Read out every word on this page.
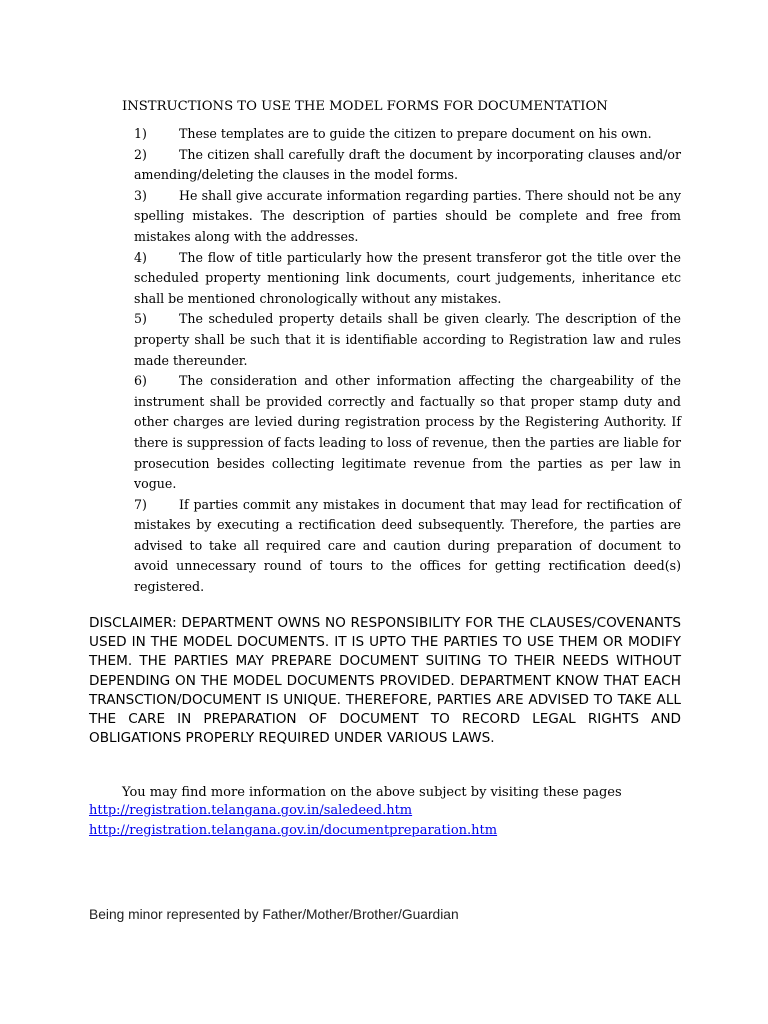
INSTRUCTIONS TO USE THE MODEL FORMS FOR DOCUMENTATION

1)	These templates are to guide the citizen to prepare document on his own.

2)	The citizen shall carefully draft the document by incorporating clauses and/or amending/deleting the clauses in the model forms.

3)	He shall give accurate information regarding parties. There should not be any spelling mistakes. The description of parties should be complete and free from mistakes along with the addresses.

4)	The flow of title particularly how the present transferor got the title over the scheduled property mentioning link documents, court judgements, inheritance etc shall be mentioned chronologically without any mistakes.

5)	The scheduled property details shall be given clearly. The description of the property shall be such that it is identifiable according to Registration law and rules made thereunder.

6)	The consideration and other information affecting the chargeability of the instrument shall be provided correctly and factually so that proper stamp duty and other charges are levied during registration process by the Registering Authority. If there is suppression of facts leading to loss of revenue, then the parties are liable for prosecution besides collecting legitimate revenue from the parties as per law in vogue.

7)	If parties commit any mistakes in document that may lead for rectification of mistakes by executing a rectification deed subsequently. Therefore, the parties are advised to take all required care and caution during preparation of document to avoid unnecessary round of tours to the offices for getting rectification deed(s) registered.

DISCLAIMER: DEPARTMENT OWNS NO RESPONSIBILITY FOR THE CLAUSES/COVENANTS USED IN THE MODEL DOCUMENTS. IT IS UPTO THE PARTIES TO USE THEM OR MODIFY THEM. THE PARTIES MAY PREPARE DOCUMENT SUITING TO THEIR NEEDS WITHOUT DEPENDING ON THE MODEL DOCUMENTS PROVIDED. DEPARTMENT KNOW THAT EACH TRANSCTION/DOCUMENT IS UNIQUE. THEREFORE, PARTIES ARE ADVISED TO TAKE ALL THE CARE IN PREPARATION OF DOCUMENT TO RECORD LEGAL RIGHTS AND OBLIGATIONS PROPERLY REQUIRED UNDER VARIOUS LAWS.
You may find more information on the above subject by visiting these pages
http://registration.telangana.gov.in/saledeed.htm
http://registration.telangana.gov.in/documentpreparation.htm
Being minor represented by Father/Mother/Brother/Guardian
